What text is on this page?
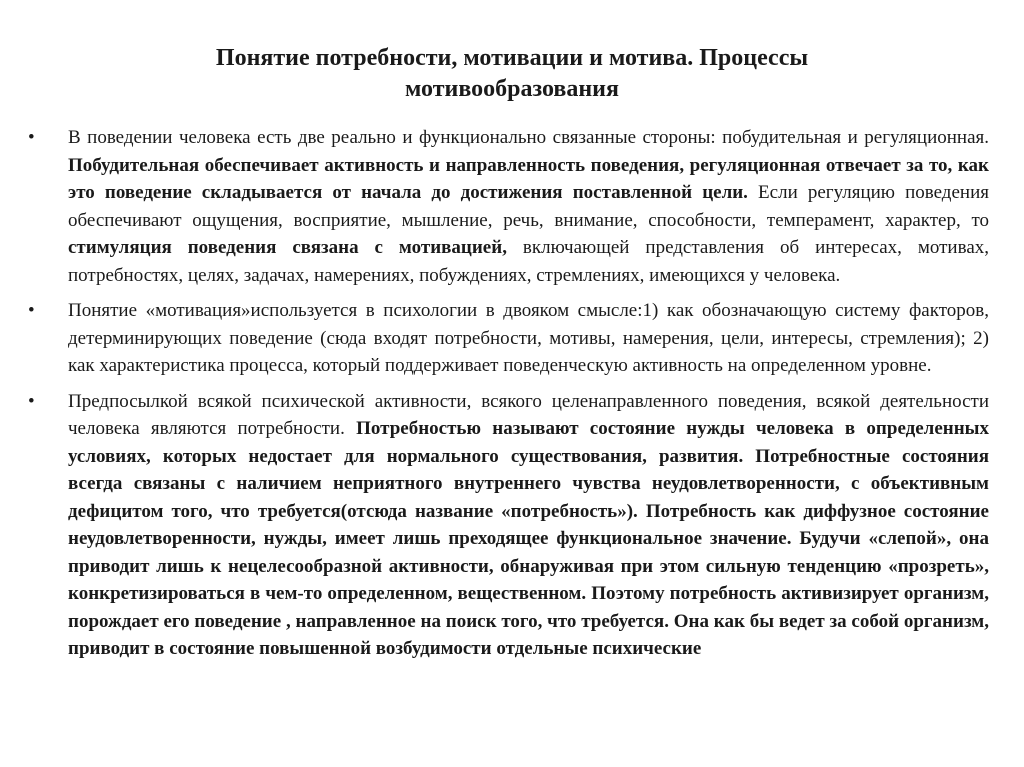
Понятие потребности, мотивации и мотива. Процессы
мотивообразования
• В поведении человека есть две реально и функционально связанные стороны: побудительная и регуляционная. Побудительная обеспечивает активность и направленность поведения, регуляционная отвечает за то, как это поведение складывается от начала до достижения поставленной цели. Если регуляцию поведения обеспечивают ощущения, восприятие, мышление, речь, внимание, способности, темперамент, характер, то стимуляция поведения связана с мотивацией, включающей представления об интересах, мотивах, потребностях, целях, задачах, намерениях, побуждениях, стремлениях, имеющихся у человека.
• Понятие «мотивация»используется в психологии в двояком смысле:1) как обозначающую систему факторов, детерминирующих поведение (сюда входят потребности, мотивы, намерения, цели, интересы, стремления); 2) как характеристика процесса, который поддерживает поведенческую активность на определенном уровне.
• Предпосылкой всякой психической активности, всякого целенаправленного поведения, всякой деятельности человека являются потребности. Потребностью называют состояние нужды человека в определенных условиях, которых недостает для нормального существования, развития. Потребностные состояния всегда связаны с наличием неприятного внутреннего чувства неудовлетворенности, с объективным дефицитом того, что требуется(отсюда название «потребность»). Потребность как диффузное состояние неудовлетворенности, нужды, имеет лишь преходящее функциональное значение. Будучи «слепой», она приводит лишь к нецелесообразной активности, обнаруживая при этом сильную тенденцию «прозреть», конкретизироваться в чем-то определенном, вещественном. Поэтому потребность активизирует организм, порождает его поведение , направленное на поиск того, что требуется. Она как бы ведет за собой организм, приводит в состояние повышенной возбудимости отдельные психические
